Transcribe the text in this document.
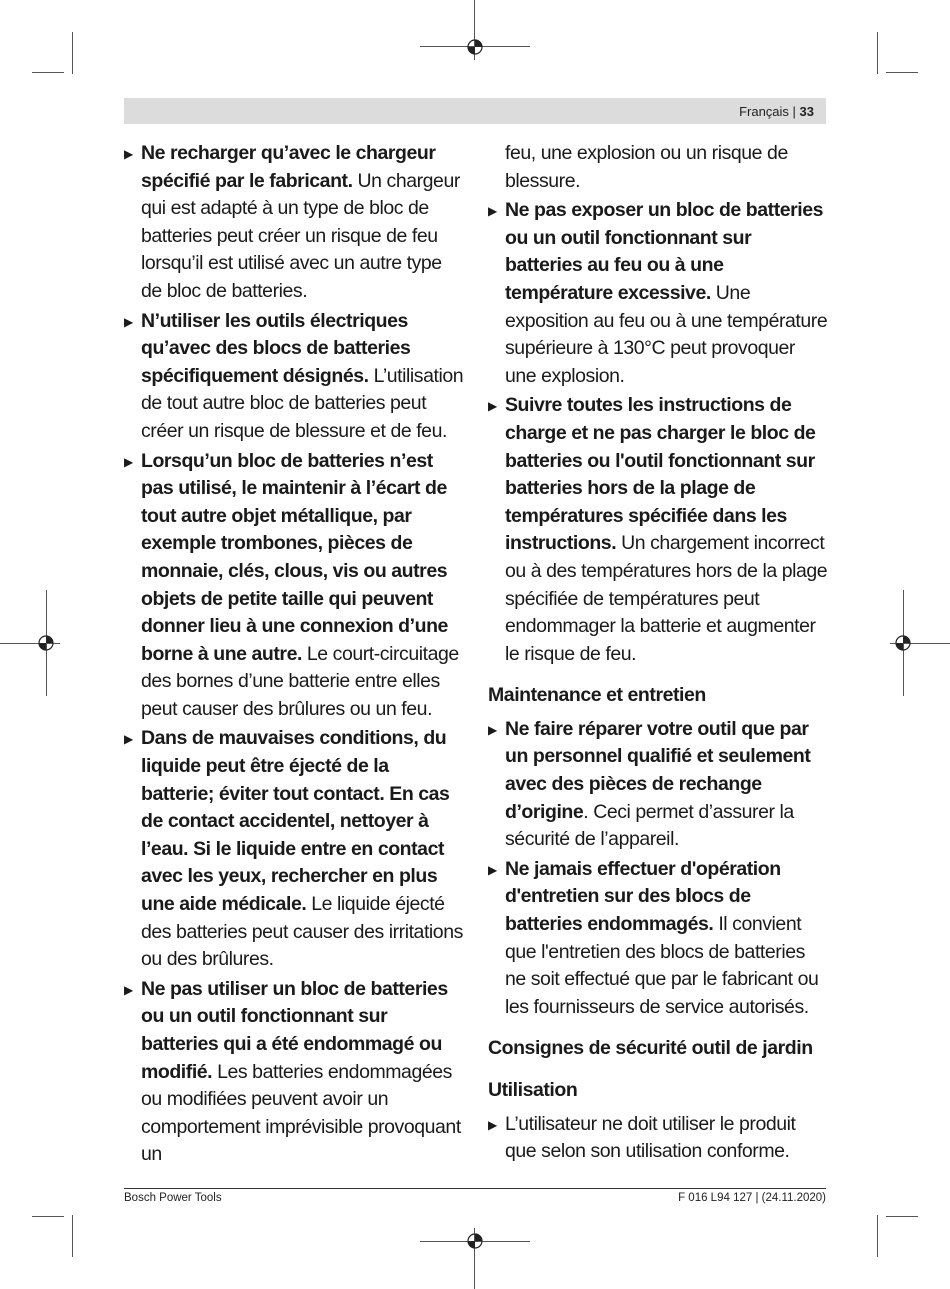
Français | 33
▶ Ne recharger qu’avec le chargeur spécifié par le fabricant. Un chargeur qui est adapté à un type de bloc de batteries peut créer un risque de feu lorsqu’il est utilisé avec un autre type de bloc de batteries.
▶ N’utiliser les outils électriques qu’avec des blocs de batteries spécifiquement désignés. L’utilisation de tout autre bloc de batteries peut créer un risque de blessure et de feu.
▶ Lorsqu’un bloc de batteries n’est pas utilisé, le maintenir à l’écart de tout autre objet métallique, par exemple trombones, pièces de monnaie, clés, clous, vis ou autres objets de petite taille qui peuvent donner lieu à une connexion d’une borne à une autre. Le court-circuitage des bornes d’une batterie entre elles peut causer des brûlures ou un feu.
▶ Dans de mauvaises conditions, du liquide peut être éjecté de la batterie; éviter tout contact. En cas de contact accidentel, nettoyer à l’eau. Si le liquide entre en contact avec les yeux, rechercher en plus une aide médicale. Le liquide éjecté des batteries peut causer des irritations ou des brûlures.
▶ Ne pas utiliser un bloc de batteries ou un outil fonctionnant sur batteries qui a été endommagé ou modifié. Les batteries endommagées ou modifiées peuvent avoir un comportement imprévisible provoquant un
feu, une explosion ou un risque de blessure.
▶ Ne pas exposer un bloc de batteries ou un outil fonctionnant sur batteries au feu ou à une température excessive. Une exposition au feu ou à une température supérieure à 130°C peut provoquer une explosion.
▶ Suivre toutes les instructions de charge et ne pas charger le bloc de batteries ou l'outil fonctionnant sur batteries hors de la plage de températures spécifiée dans les instructions. Un chargement incorrect ou à des températures hors de la plage spécifiée de températures peut endommager la batterie et augmenter le risque de feu.
Maintenance et entretien
▶ Ne faire réparer votre outil que par un personnel qualifié et seulement avec des pièces de rechange d’origine. Ceci permet d’assurer la sécurité de l’appareil.
▶ Ne jamais effectuer d'opération d'entretien sur des blocs de batteries endommagés. Il convient que l'entretien des blocs de batteries ne soit effectué que par le fabricant ou les fournisseurs de service autorisés.
Consignes de sécurité outil de jardin
Utilisation
▶ L’utilisateur ne doit utiliser le produit que selon son utilisation conforme.
Bosch Power Tools	F 016 L94 127 | (24.11.2020)
